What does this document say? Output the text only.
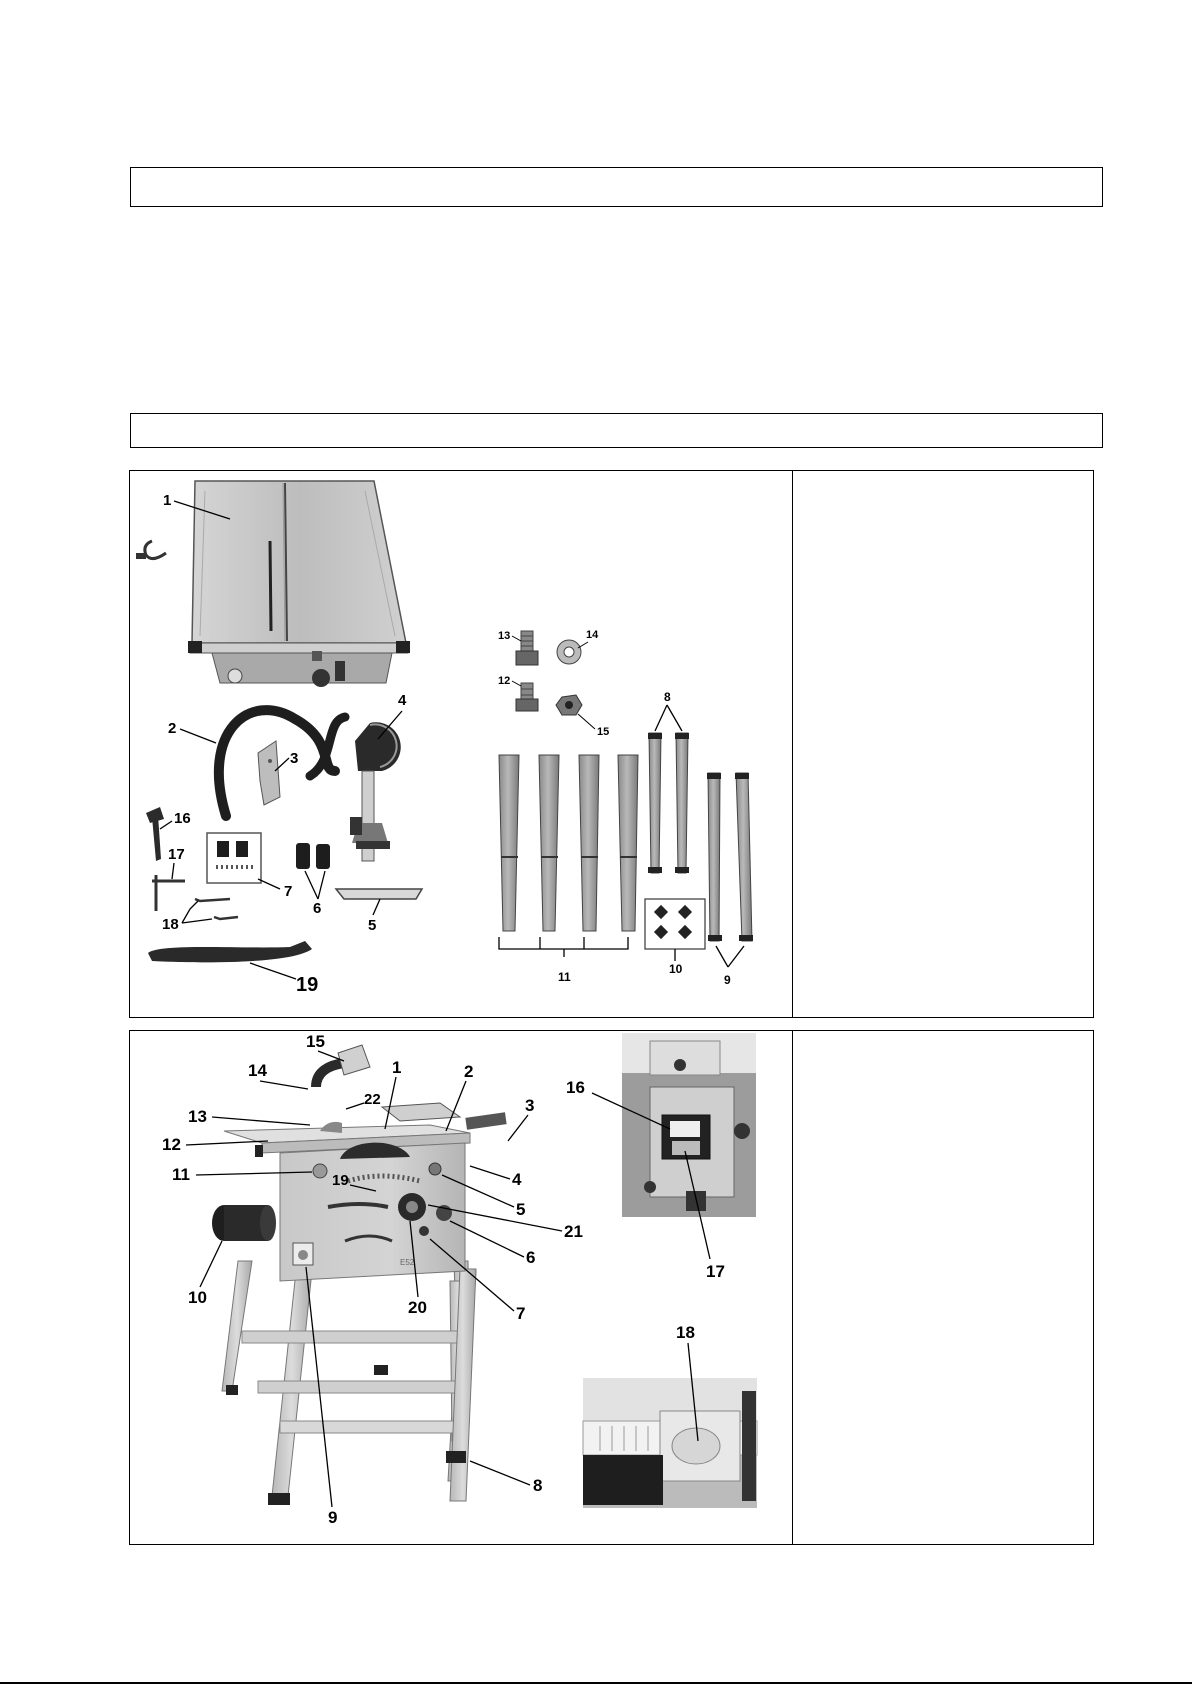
1
2
3
4
5
6
7
16
17
18
19
13
12
14
15
11
8
9
10
E52
1	2
3
4
5
6
7
8
9
10
11
12
13
14
15
19
20
21
22
16
17
18
